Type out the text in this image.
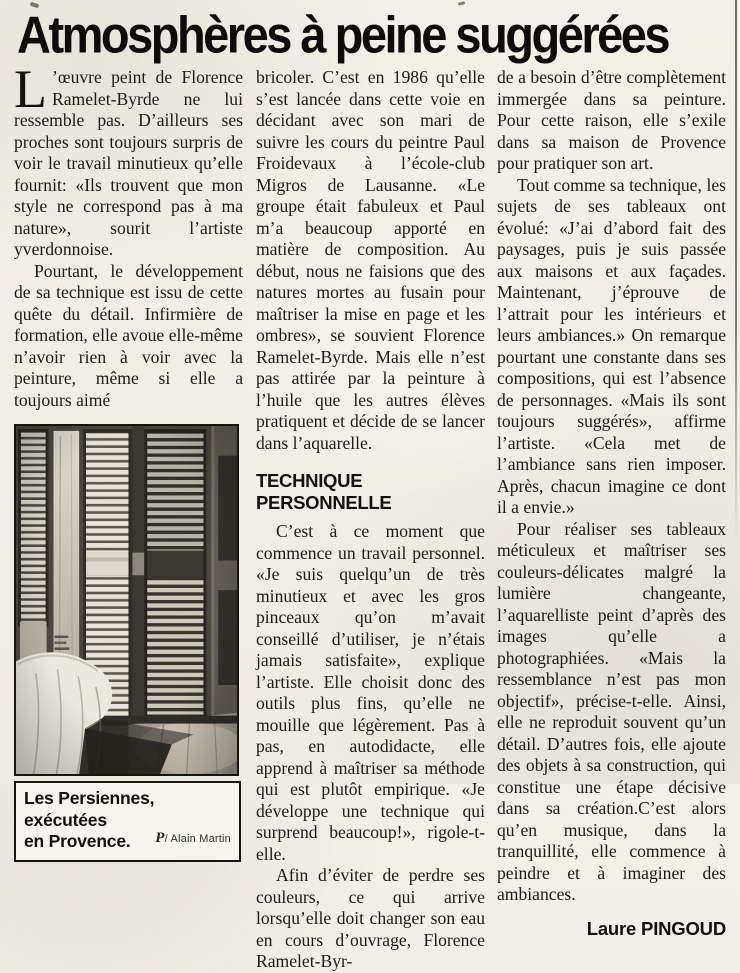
Atmosphères à peine suggérées

L ’œuvre peint de Florence Ramelet-Byrde ne lui ressemble pas. D’ailleurs ses proches sont toujours surpris de voir le travail minutieux qu’elle fournit: «Ils trouvent que mon style ne correspond pas à ma nature», sourit l’artiste yverdonnoise.

Pourtant, le développement de sa technique est issu de cette quête du détail. Infirmière de formation, elle avoue elle-même n’avoir rien à voir avec la peinture, même si elle a toujours aimé

Les Persiennes, exécutées
en Provence.	P/ Alain Martin

bricoler. C’est en 1986 qu’elle s’est lancée dans cette voie en décidant avec son mari de suivre les cours du peintre Paul Froidevaux à l’école-club Migros de Lausanne. «Le groupe était fabuleux et Paul m’a beaucoup apporté en matière de composition. Au début, nous ne faisions que des natures mortes au fusain pour maîtriser la mise en page et les ombres», se souvient Florence Ramelet-Byrde. Mais elle n’est pas attirée par la peinture à l’huile que les autres élèves pratiquent et décide de se lancer dans l’aquarelle.

TECHNIQUE PERSONNELLE

C’est à ce moment que commence un travail personnel. «Je suis quelqu’un de très minutieux et avec les gros pinceaux qu’on m’avait conseillé d’utiliser, je n’étais jamais satisfaite», explique l’artiste. Elle choisit donc des outils plus fins, qu’elle ne mouille que légèrement. Pas à pas, en autodidacte, elle apprend à maîtriser sa méthode qui est plutôt empirique. «Je développe une technique qui surprend beaucoup!», rigole-t-elle.

Afin d’éviter de perdre ses couleurs, ce qui arrive lorsqu’elle doit changer son eau en cours d’ouvrage, Florence Ramelet-Byr-

de a besoin d’être complètement immergée dans sa peinture. Pour cette raison, elle s’exile dans sa maison de Provence pour pratiquer son art.

Tout comme sa technique, les sujets de ses tableaux ont évolué: «J’ai d’abord fait des paysages, puis je suis passée aux maisons et aux façades. Maintenant, j’éprouve de l’attrait pour les intérieurs et leurs ambiances.» On remarque pourtant une constante dans ses compositions, qui est l’absence de personnages. «Mais ils sont toujours suggérés», affirme l’artiste. «Cela met de l’ambiance sans rien imposer. Après, chacun imagine ce dont il a envie.»

Pour réaliser ses tableaux méticuleux et maîtriser ses couleurs-délicates malgré la lumière changeante, l’aquarelliste peint d’après des images qu’elle a photographiées. «Mais la ressemblance n’est pas mon objectif», précise-t-elle. Ainsi, elle ne reproduit souvent qu’un détail. D’autres fois, elle ajoute des objets à sa construction, qui constitue une étape décisive dans sa création.C’est alors qu’en musique, dans la tranquillité, elle commence à peindre et à imaginer des ambiances.

Laure PINGOUD
